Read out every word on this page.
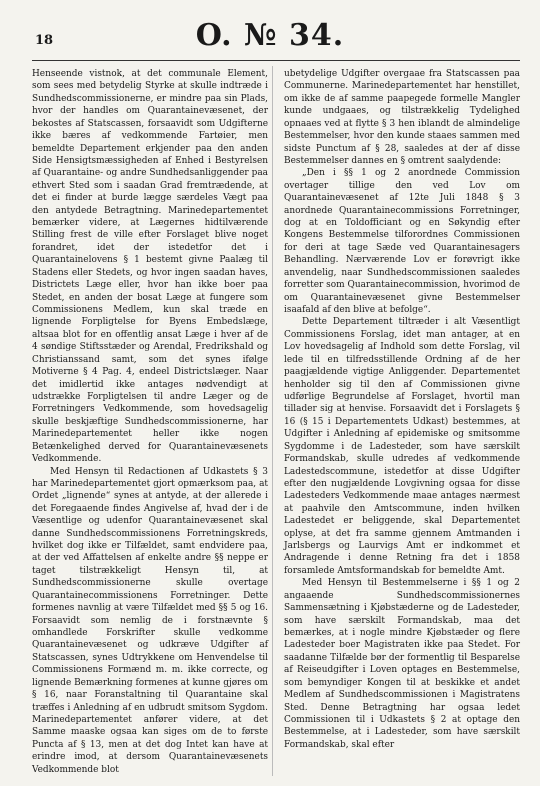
18	O. № 34.

Henseende vistnok, at det communale Element, som sees med betydelig Styrke at skulle indtræde i Sundhedscommissionerne, er mindre paa sin Plads, hvor der handles om Quarantainevæsenet, der bekostes af Statscassen, forsaavidt som Udgifterne ikke bæres af vedkommende Fartøier, men bemeldte Departement erkjender paa den anden Side Hensigtsmæssigheden af Enhed i Bestyrelsen af Quarantaine- og andre Sundhedsanliggender paa ethvert Sted som i saadan Grad fremtrædende, at det ei finder at burde lægge særdeles Vægt paa den antydede Betragtning. Marinedepartementet bemærker videre, at Lægernes hidtilværende Stilling frest de ville efter Forslaget blive noget forandret, idet der istedetfor det i Quarantainelovens § 1 bestemt givne Paalæg til Stadens eller Stedets, og hvor ingen saadan haves, Districtets Læge eller, hvor han ikke boer paa Stedet, en anden der bosat Læge at fungere som Commissionens Medlem, kun skal træde en lignende Forpligtelse for Byens Embedslæge, altsaa blot for en offentlig ansat Læge i hver af de 4 søndige Stiftsstæder og Arendal, Fredrikshald og Christianssand samt, som det synes ifølge Motiverne § 4 Pag. 4, endeel Districtslæger. Naar det imidlertid ikke antages nødvendigt at udstrække Forpligtelsen til andre Læger og de Forretningers Vedkommende, som hovedsagelig skulle beskjæftige Sundhedscommissionerne, har Marinedepartementet heller ikke nogen Betænkelighed derved for Quarantainevæsenets Vedkommende.

Med Hensyn til Redactionen af Udkastets § 3 har Marinedepartementet gjort opmærksom paa, at Ordet „lignende“ synes at antyde, at der allerede i det Foregaaende findes Angivelse af, hvad der i de Væsentlige og udenfor Quarantainevæsenet skal danne Sundhedscommissionens Forretningskreds, hvilket dog ikke er Tilfældet, samt endvidere paa, at der ved Affattelsen af enkelte andre §§ neppe er taget tilstrækkeligt Hensyn til, at Sundhedscommissionerne skulle overtage Quarantainecommissionens Forretninger. Dette formenes navnlig at være Tilfældet med §§ 5 og 16. Forsaavidt som nemlig de i forstnævnte § omhandlede Forskrifter skulle vedkomme Quarantainevæsenet og udkræve Udgifter af Statscassen, synes Udtrykkene om Henvendelse til Commissionens Formænd m. m. ikke correcte, og lignende Bemærkning formenes at kunne gjøres om § 16, naar Foranstaltning til Quarantaine skal træffes i Anledning af en udbrudt smitsom Sygdom. Marinedepartementet anfører videre, at det Samme maaske ogsaa kan siges om de to første Puncta af § 13, men at det dog Intet kan have at erindre imod, at dersom Quarantainevæsenets Vedkommende blot

ubetydelige Udgifter overgaae fra Statscassen paa Communerne. Marinedepartementet har henstillet, om ikke de af samme paapegede formelle Mangler kunde undgaaes, og tilstrækkelig Tydelighed opnaaes ved at flytte § 3 hen iblandt de almindelige Bestemmelser, hvor den kunde staaes sammen med sidste Punctum af § 28, saaledes at der af disse Bestemmelser dannes en § omtrent saalydende:

„Den i §§ 1 og 2 anordnede Commission overtager tillige den ved Lov om Quarantainevæsenet af 12te Juli 1848 § 3 anordnede Quarantainecommissions Forretninger, dog at en Toldofficiant og en Søkyndig efter Kongens Bestemmelse tilforordnes Commissionen for deri at tage Sæde ved Quarantainesagers Behandling. Nærværende Lov er forøvrigt ikke anvendelig, naar Sundhedscommissionen saaledes forretter som Quarantainecommission, hvorimod de om Quarantainevæsenet givne Bestemmelser isaafald af den blive at befolge“.

Dette Departement tiltræder i alt Væsentligt Commissionens Forslag, idet man antager, at en Lov hovedsagelig af Indhold som dette Forslag, vil lede til en tilfredsstillende Ordning af de her paagjældende vigtige Anliggender. Departementet henholder sig til den af Commissionen givne udførlige Begrundelse af Forslaget, hvortil man tillader sig at henvise. Forsaavidt det i Forslagets § 16 (§ 15 i Departementets Udkast) bestemmes, at Udgifter i Anledning af epidemiske og smitsomme Sygdomme i de Ladesteder, som have særskilt Formandskab, skulle udredes af vedkommende Ladestedscommune, istedetfor at disse Udgifter efter den nugjældende Lovgivning ogsaa for disse Ladesteders Vedkommende maae antages nærmest at paahvile den Amtscommune, inden hvilken Ladestedet er beliggende, skal Departementet oplyse, at det fra samme gjennem Amtmanden i Jarlsbergs og Laurvigs Amt er indkommet et Andragende i denne Retning fra det i 1858 forsamlede Amtsformandskab for bemeldte Amt.

Med Hensyn til Bestemmelserne i §§ 1 og 2 angaaende Sundhedscommissionernes Sammensætning i Kjøbstæderne og de Ladesteder, som have særskilt Formandskab, maa det bemærkes, at i nogle mindre Kjøbstæder og flere Ladesteder boer Magistraten ikke paa Stedet. For saadanne Tilfælde bør der formentlig til Besparelse af Reiseudgifter i Loven optages en Bestemmelse, som bemyndiger Kongen til at beskikke et andet Medlem af Sundhedscommissionen i Magistratens Sted. Denne Betragtning har ogsaa ledet Commissionen til i Udkastets § 2 at optage den Bestemmelse, at i Ladesteder, som have særskilt Formandskab, skal efter
